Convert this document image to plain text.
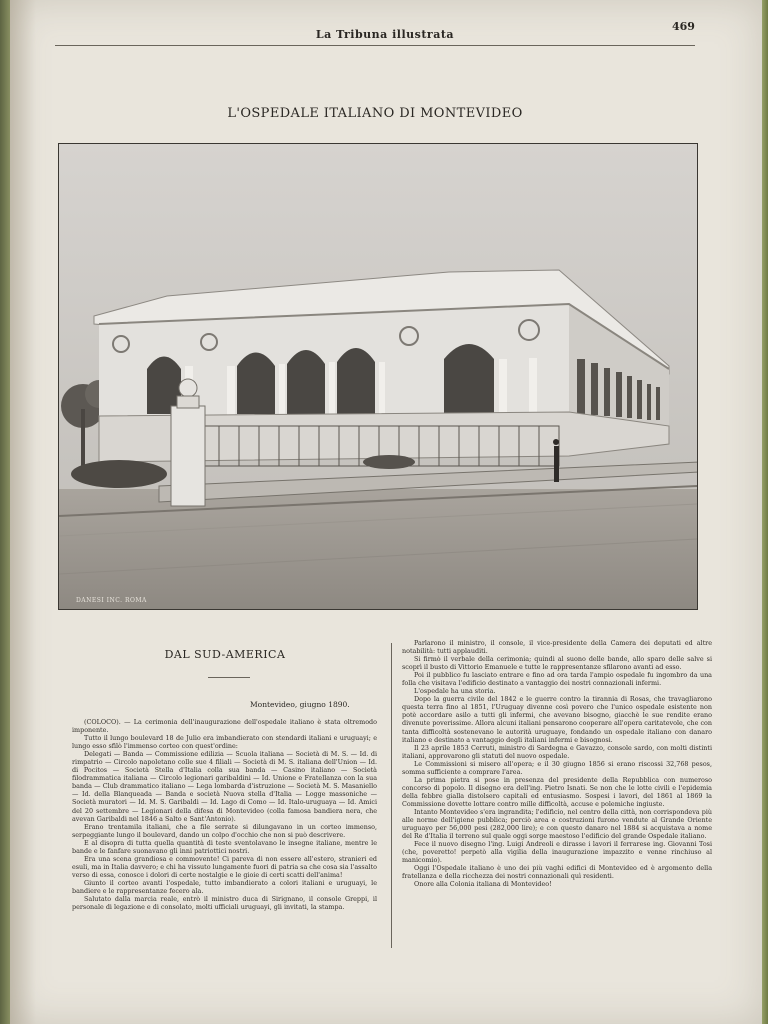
La Tribuna illustrata
469
L'OSPEDALE ITALIANO DI MONTEVIDEO
DANESI INC. ROMA
DAL SUD-AMERICA
Montevideo, giugno 1890.

(COLOCO). — La cerimonia dell'inaugurazione dell'ospedale italiano è stata oltremodo imponente.

Tutto il lungo boulevard 18 de Julio era imbandierato con stendardi italiani e uruguayi; e lungo esso sfilò l'immenso corteo con quest'ordine:

Delegati — Banda — Commissione edilizia — Scuola italiana — Società di M. S. — Id. di rimpatrio — Circolo napoletano colle sue 4 filiali — Società di M. S. italiana dell'Union — Id. di Pocitos — Società Stella d'Italia colla sua banda — Casino italiano — Società filodrammatica italiana — Circolo legionari garibaldini — Id. Unione e Fratellanza con la sua banda — Club drammatico italiano — Lega lombarda d'istruzione — Società M. S. Masaniello — Id. della Blanqueada — Banda e società Nuova stella d'Italia — Logge massoniche — Società muratori — Id. M. S. Garibaldi — Id. Lago di Como — Id. Italo-uruguaya — Id. Amici del 20 settembre — Legionari della difesa di Montevideo (colla famosa bandiera nera, che avevan Garibaldi nel 1846 a Salto e Sant'Antonio).

Erano trentamila italiani, che a file serrate si dilungavano in un corteo immenso, serpeggiante lungo il boulevard, dando un colpo d'occhio che non si può descrivere.

E al disopra di tutta quella quantità di teste sventolavano le insegne italiane, mentre le bande e le fanfare suonavano gli inni patriottici nostri.

Era una scena grandiosa e commovente! Ci pareva di non essere all'estero, stranieri ed esuli, ma in Italia davvero; e chi ha vissuto lungamente fuori di patria sa che cosa sia l'assalto verso di essa, conosce i dolori di certe nostalgie e le gioie di certi scatti dell'anima!

Giunto il corteo avanti l'ospedale, tutto imbandierato a colori italiani e uruguayi, le bandiere e le rappresentanze fecero ala.

Salutato dalla marcia reale, entrò il ministro duca di Sirignano, il console Greppi, il personale di legazione e di consolato, molti ufficiali uruguayi, gli invitati, la stampa.

Parlarono il ministro, il console, il vice-presidente della Camera dei deputati ed altre notabilità: tutti applauditi.

Si firmò il verbale della cerimonia; quindi al suono delle bande, allo sparo delle salve si scoprì il busto di Vittorio Emanuele e tutte le rappresentanze sfilarono avanti ad esso.

Poi il pubblico fu lasciato entrare e fino ad ora tarda l'ampio ospedale fu ingombro da una folla che visitava l'edificio destinato a vantaggio dei nostri connazionali infermi.

L'ospedale ha una storia.

Dopo la guerra civile del 1842 e le guerre contro la tirannia di Rosas, che travagliarono questa terra fino al 1851, l'Uruguay divenne così povero che l'unico ospedale esistente non potè accordare asilo a tutti gli infermi, che avevano bisogno, giacchè le sue rendite erano divenute poverissime. Allora alcuni italiani pensarono cooperare all'opera caritatevole, che con tanta difficoltà sostenevano le autorità uruguaye, fondando un ospedale italiano con danaro italiano e destinato a vantaggio degli italiani infermi e bisognosi.

Il 23 aprile 1853 Cerruti, ministro di Sardegna e Gavazzo, console sardo, con molti distinti italiani, approvarono gli statuti del nuovo ospedale.

Le Commissioni si misero all'opera; e il 30 giugno 1856 si erano riscossi 32,768 pesos, somma sufficiente a comprare l'area.

La prima pietra si pose in presenza del presidente della Repubblica con numeroso concorso di popolo. Il disegno era dell'ing. Pietro Isnati. Se non che le lotte civili e l'epidemia della febbre gialla distolsero capitali ed entusiasmo. Sospesi i lavori, del 1861 al 1869 la Commissione dovette lottare contro mille difficoltà, accuse e polemiche ingiuste.

Intanto Montevideo s'era ingrandita; l'edificio, nel centro della città, non corrispondeva più alle norme dell'igiene pubblica; perciò area e costruzioni furono vendute al Grande Oriente uruguayo per 56,000 pesi (282,000 lire); e con questo danaro nel 1884 si acquistava a nome del Re d'Italia il terreno sul quale oggi sorge maestoso l'edificio del grande Ospedale italiano.

Fece il nuovo disegno l'ing. Luigi Andreoli e dirasse i lavori il ferrarese ing. Giovanni Tosi (che, poveretto! perpetò alla vigilia della inaugurazione impazzito e venne rinchiuso al manicomio).

Oggi l'Ospedale italiano è uno dei più vaghi edifici di Montevideo ed è argomento della fratellanza e della ricchezza dei nostri connazionali quì residenti.

Onore alla Colonia italiana di Montevideo!
